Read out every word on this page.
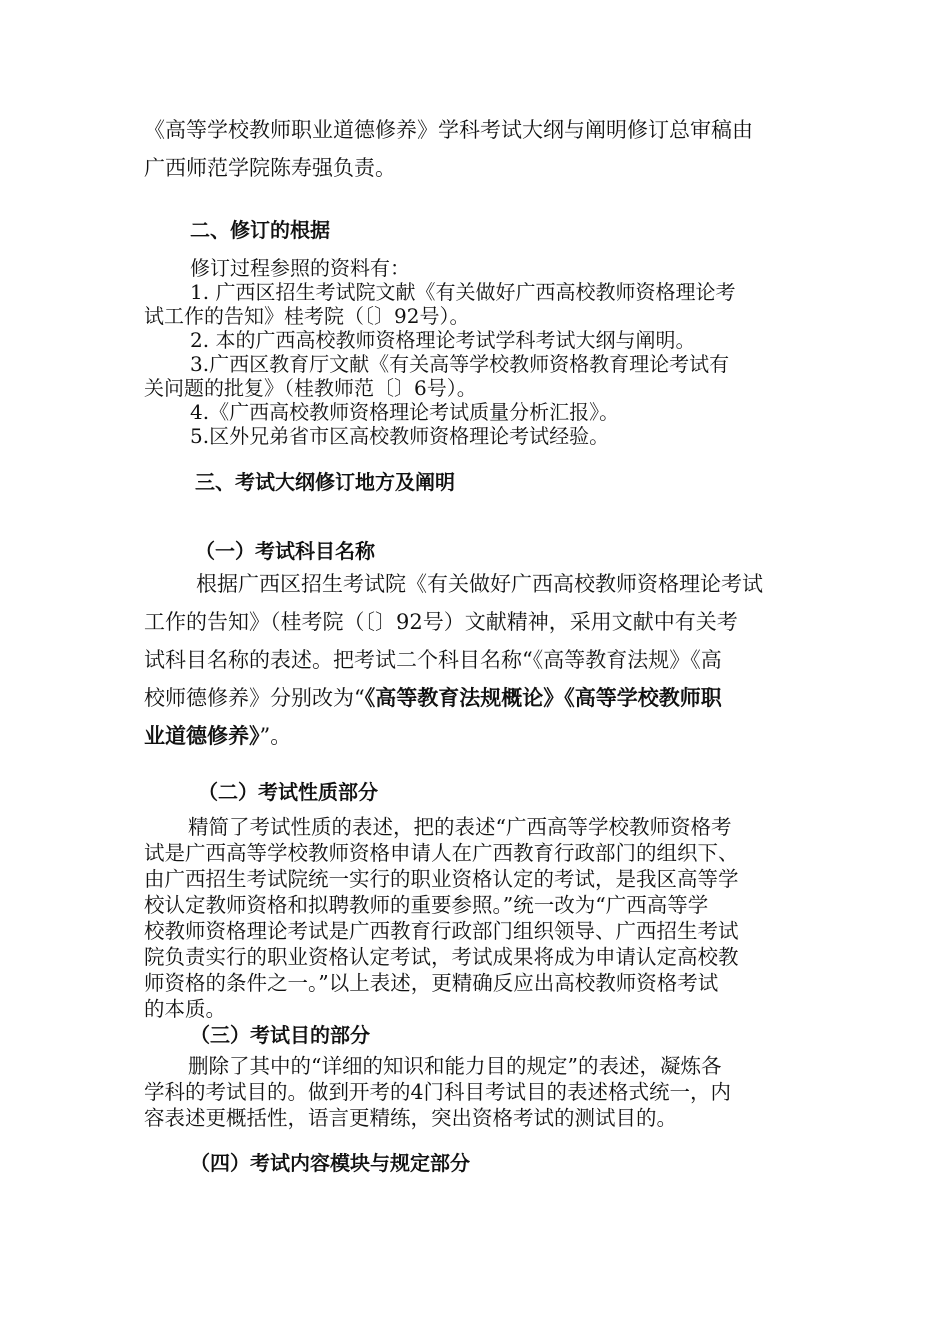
《高等学校教师职业道德修养》学科考试大纲与阐明修订总审稿由
广西师范学院陈寿强负责。
二、修订的根据
修订过程参照的资料有：
1. 广西区招生考试院文献《有关做好广西高校教师资格理论考
试工作的告知》桂考院（〔〕92号）。
2. 本的广西高校教师资格理论考试学科考试大纲与阐明。
3.广西区教育厅文献《有关高等学校教师资格教育理论考试有
关问题的批复》（桂教师范〔〕6号）。
4.《广西高校教师资格理论考试质量分析汇报》。
5.区外兄弟省市区高校教师资格理论考试经验。
三、考试大纲修订地方及阐明
（一）考试科目名称
根据广西区招生考试院《有关做好广西高校教师资格理论考试
工作的告知》（桂考院（〔〕92号）文献精神，采用文献中有关考
试科目名称的表述。把考试二个科目名称“《高等教育法规》《高
校师德修养》分别改为“《高等教育法规概论》《高等学校教师职
业道德修养》”。
（二）考试性质部分
精简了考试性质的表述，把的表述“广西高等学校教师资格考
试是广西高等学校教师资格申请人在广西教育行政部门的组织下、
由广西招生考试院统一实行的职业资格认定的考试，是我区高等学
校认定教师资格和拟聘教师的重要参照。”统一改为“广西高等学
校教师资格理论考试是广西教育行政部门组织领导、广西招生考试
院负责实行的职业资格认定考试，考试成果将成为申请认定高校教
师资格的条件之一。”以上表述，更精确反应出高校教师资格考试
的本质。
（三）考试目的部分
删除了其中的“详细的知识和能力目的规定”的表述，凝炼各
学科的考试目的。做到开考的4门科目考试目的表述格式统一，内
容表述更概括性，语言更精练，突出资格考试的测试目的。
（四）考试内容模块与规定部分
